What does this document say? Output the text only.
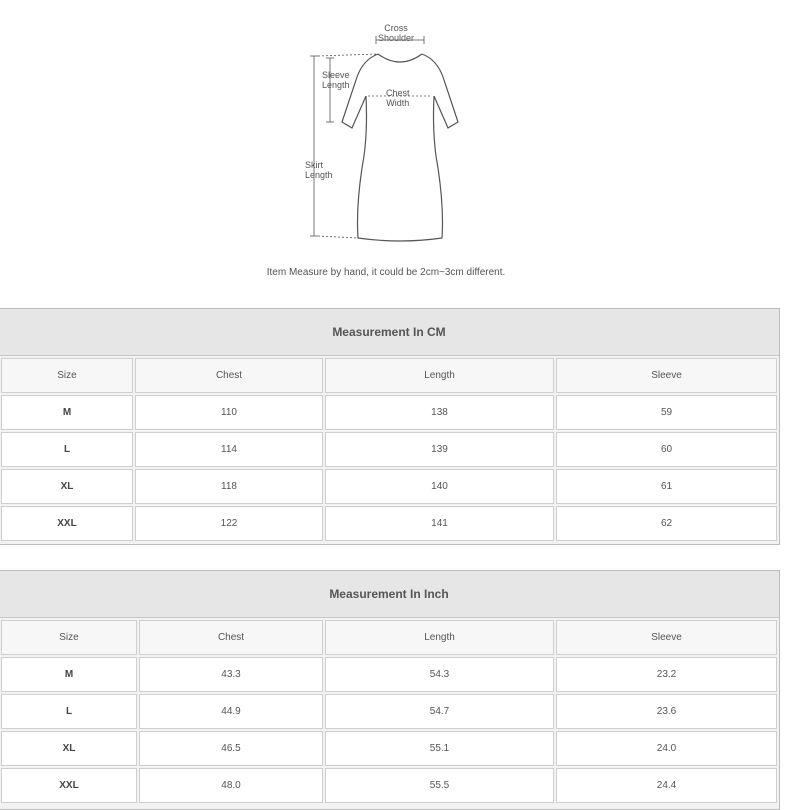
Cross
Shoulder
Sleeve
Length
Chest
Width
Skirt
Length
Item Measure by hand, it could be 2cm~3cm different.
Measurement In CM
Size	Chest	Length	Sleeve
M	110	138	59
L	114	139	60
XL	118	140	61
XXL	122	141	62
Measurement In Inch
Size	Chest	Length	Sleeve
M	43.3	54.3	23.2
L	44.9	54.7	23.6
XL	46.5	55.1	24.0
XXL	48.0	55.5	24.4
